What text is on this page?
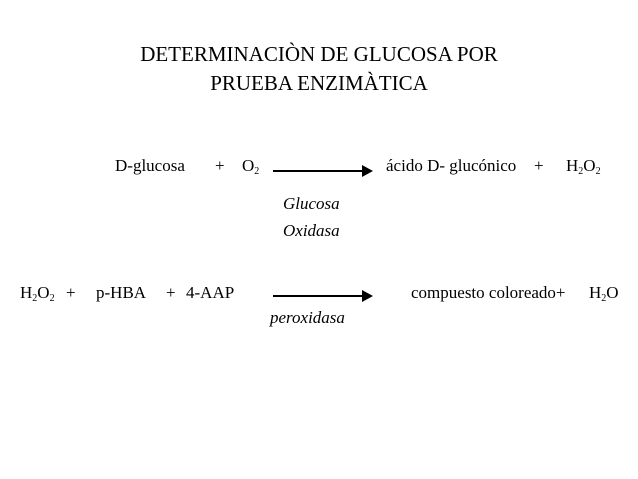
DETERMINACIÒN DE GLUCOSA POR
PRUEBA ENZIMÀTICA
$D-glucosa + O_2$	ácido D- glucónico + $H_2O_2$
Glucosa
Oxidasa
$H_2O_2 + p-HBA + 4-AAP$	compuesto coloreado+ $H_2O$
peroxidasa
